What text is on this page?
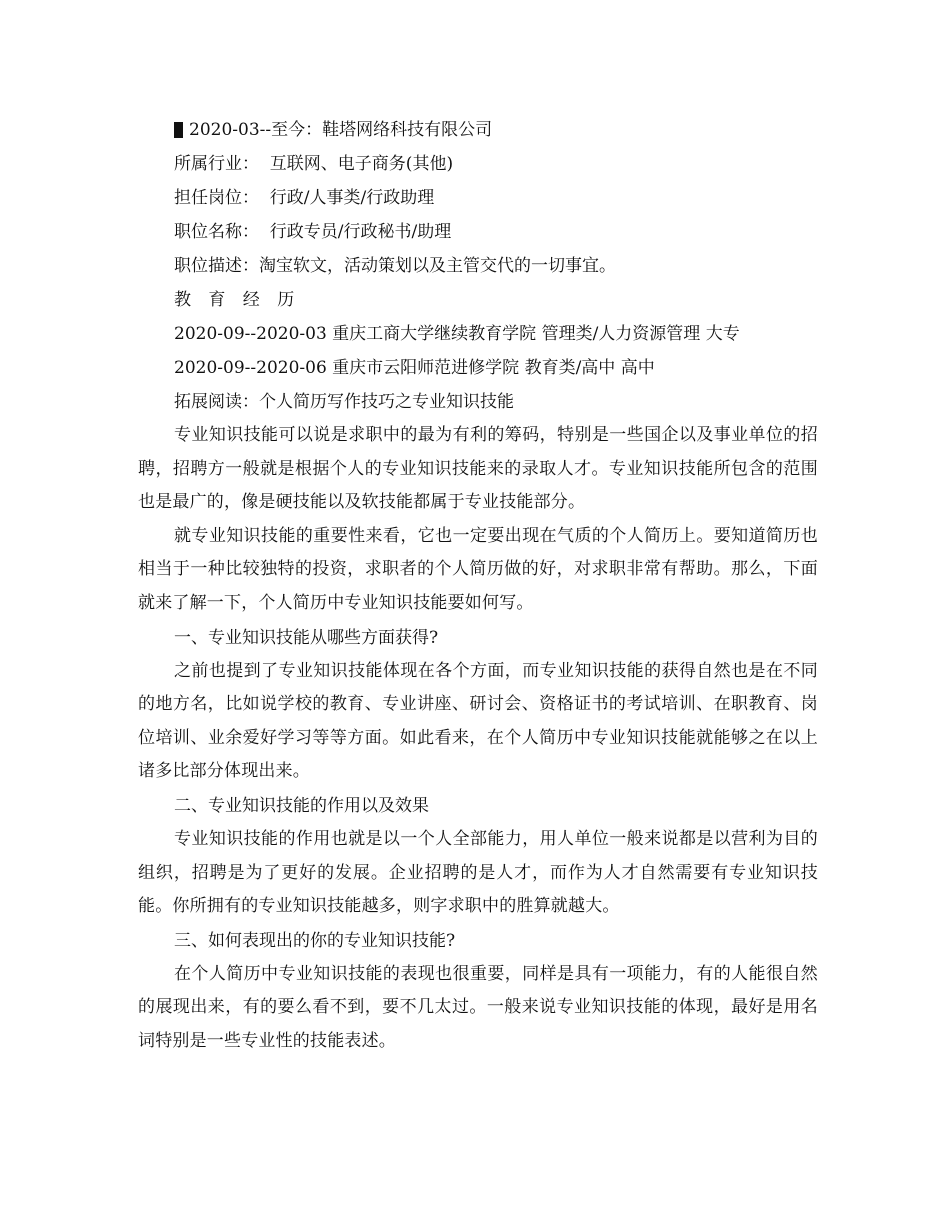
2020-03--至今：鞋塔网络科技有限公司
所属行业：  互联网、电子商务(其他)
担任岗位：  行政/人事类/行政助理
职位名称：  行政专员/行政秘书/助理
职位描述：淘宝软文，活动策划以及主管交代的一切事宜。
教 育 经 历
2020-09--2020-03 重庆工商大学继续教育学院 管理类/人力资源管理 大专
2020-09--2020-06 重庆市云阳师范进修学院 教育类/高中 高中
拓展阅读：个人简历写作技巧之专业知识技能

专业知识技能可以说是求职中的最为有利的筹码，特别是一些国企以及事业单位的招聘，招聘方一般就是根据个人的专业知识技能来的录取人才。专业知识技能所包含的范围也是最广的，像是硬技能以及软技能都属于专业技能部分。

就专业知识技能的重要性来看，它也一定要出现在气质的个人简历上。要知道简历也相当于一种比较独特的投资，求职者的个人简历做的好，对求职非常有帮助。那么，下面就来了解一下，个人简历中专业知识技能要如何写。

一、专业知识技能从哪些方面获得?

之前也提到了专业知识技能体现在各个方面，而专业知识技能的获得自然也是在不同的地方名，比如说学校的教育、专业讲座、研讨会、资格证书的考试培训、在职教育、岗位培训、业余爱好学习等等方面。如此看来，在个人简历中专业知识技能就能够之在以上诸多比部分体现出来。

二、专业知识技能的作用以及效果

专业知识技能的作用也就是以一个人全部能力，用人单位一般来说都是以营利为目的组织，招聘是为了更好的发展。企业招聘的是人才，而作为人才自然需要有专业知识技能。你所拥有的专业知识技能越多，则字求职中的胜算就越大。

三、如何表现出的你的专业知识技能?

在个人简历中专业知识技能的表现也很重要，同样是具有一项能力，有的人能很自然的展现出来，有的要么看不到，要不几太过。一般来说专业知识技能的体现，最好是用名词特别是一些专业性的技能表述。
